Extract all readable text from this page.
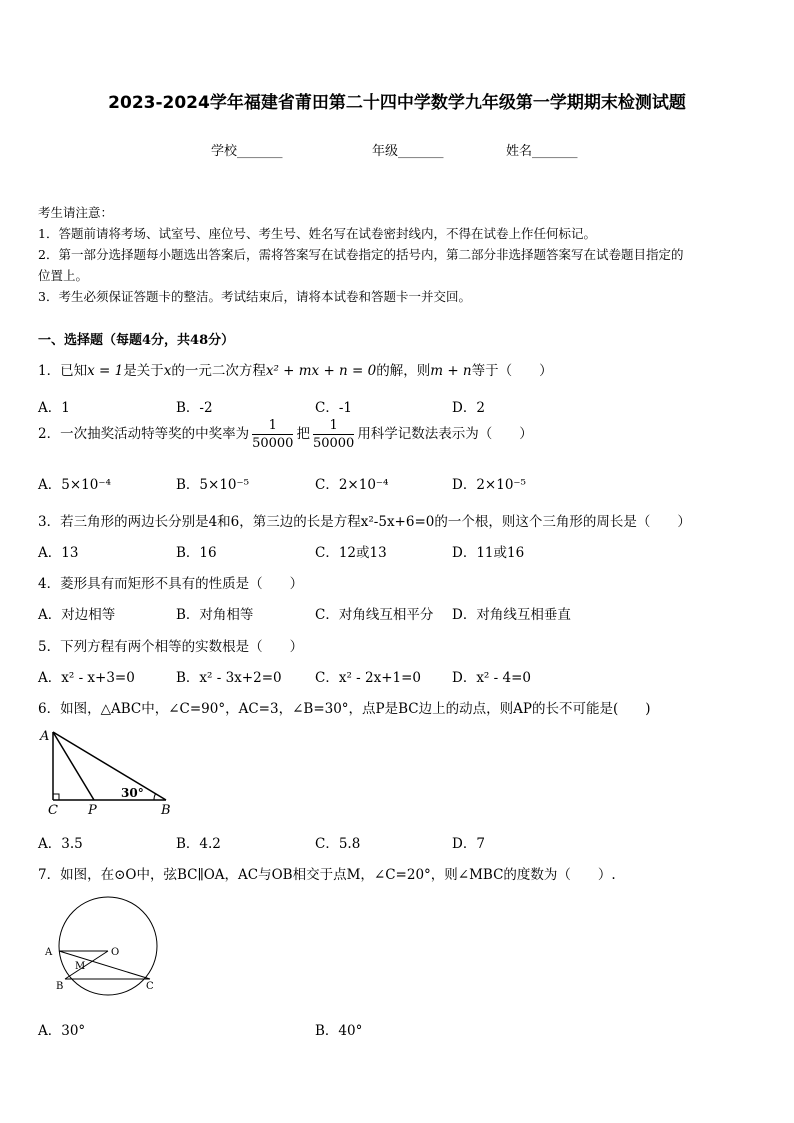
2023-2024学年福建省莆田第二十四中学数学九年级第一学期期末检测试题
学校_______	年级_______	姓名_______
考生请注意：
1．答题前请将考场、试室号、座位号、考生号、姓名写在试卷密封线内，不得在试卷上作任何标记。
2．第一部分选择题每小题选出答案后，需将答案写在试卷指定的括号内，第二部分非选择题答案写在试卷题目指定的
位置上。
3．考生必须保证答题卡的整洁。考试结束后，请将本试卷和答题卡一并交回。
一、选择题（每题4分，共48分）
1．已知x = 1是关于x的一元二次方程x² + mx + n = 0的解，则m + n等于（　　）
A．1	B．-2	C．-1	D．2
2．一次抽奖活动特等奖的中奖率为 $\frac{1}{50000}$ 把 $\frac{1}{50000}$ 用科学记数法表示为（　　）
A．5×10⁻⁴	B．5×10⁻⁵	C．2×10⁻⁴	D．2×10⁻⁵
3．若三角形的两边长分别是4和6，第三边的长是方程x²-5x+6=0的一个根，则这个三角形的周长是（　　）
A．13	B．16	C．12或13	D．11或16
4．菱形具有而矩形不具有的性质是（　　）
A．对边相等	B．对角相等	C．对角线互相平分 D．对角线互相垂直
5．下列方程有两个相等的实数根是（　　）
A．x² - x+3=0	B．x² - 3x+2=0 C．x² - 2x+1=0 D．x² - 4=0
6．如图，△ABC中，∠C=90°，AC=3，∠B=30°，点P是BC边上的动点，则AP的长不可能是(　　)
A
C P	B
30°
A．3.5	B．4.2	C．5.8	D．7
7．如图，在⊙O中，弦BC∥OA，AC与OB相交于点M，∠C=20°，则∠MBC的度数为（　　）.
A	O
M
B	C
A．30°	B．40°
